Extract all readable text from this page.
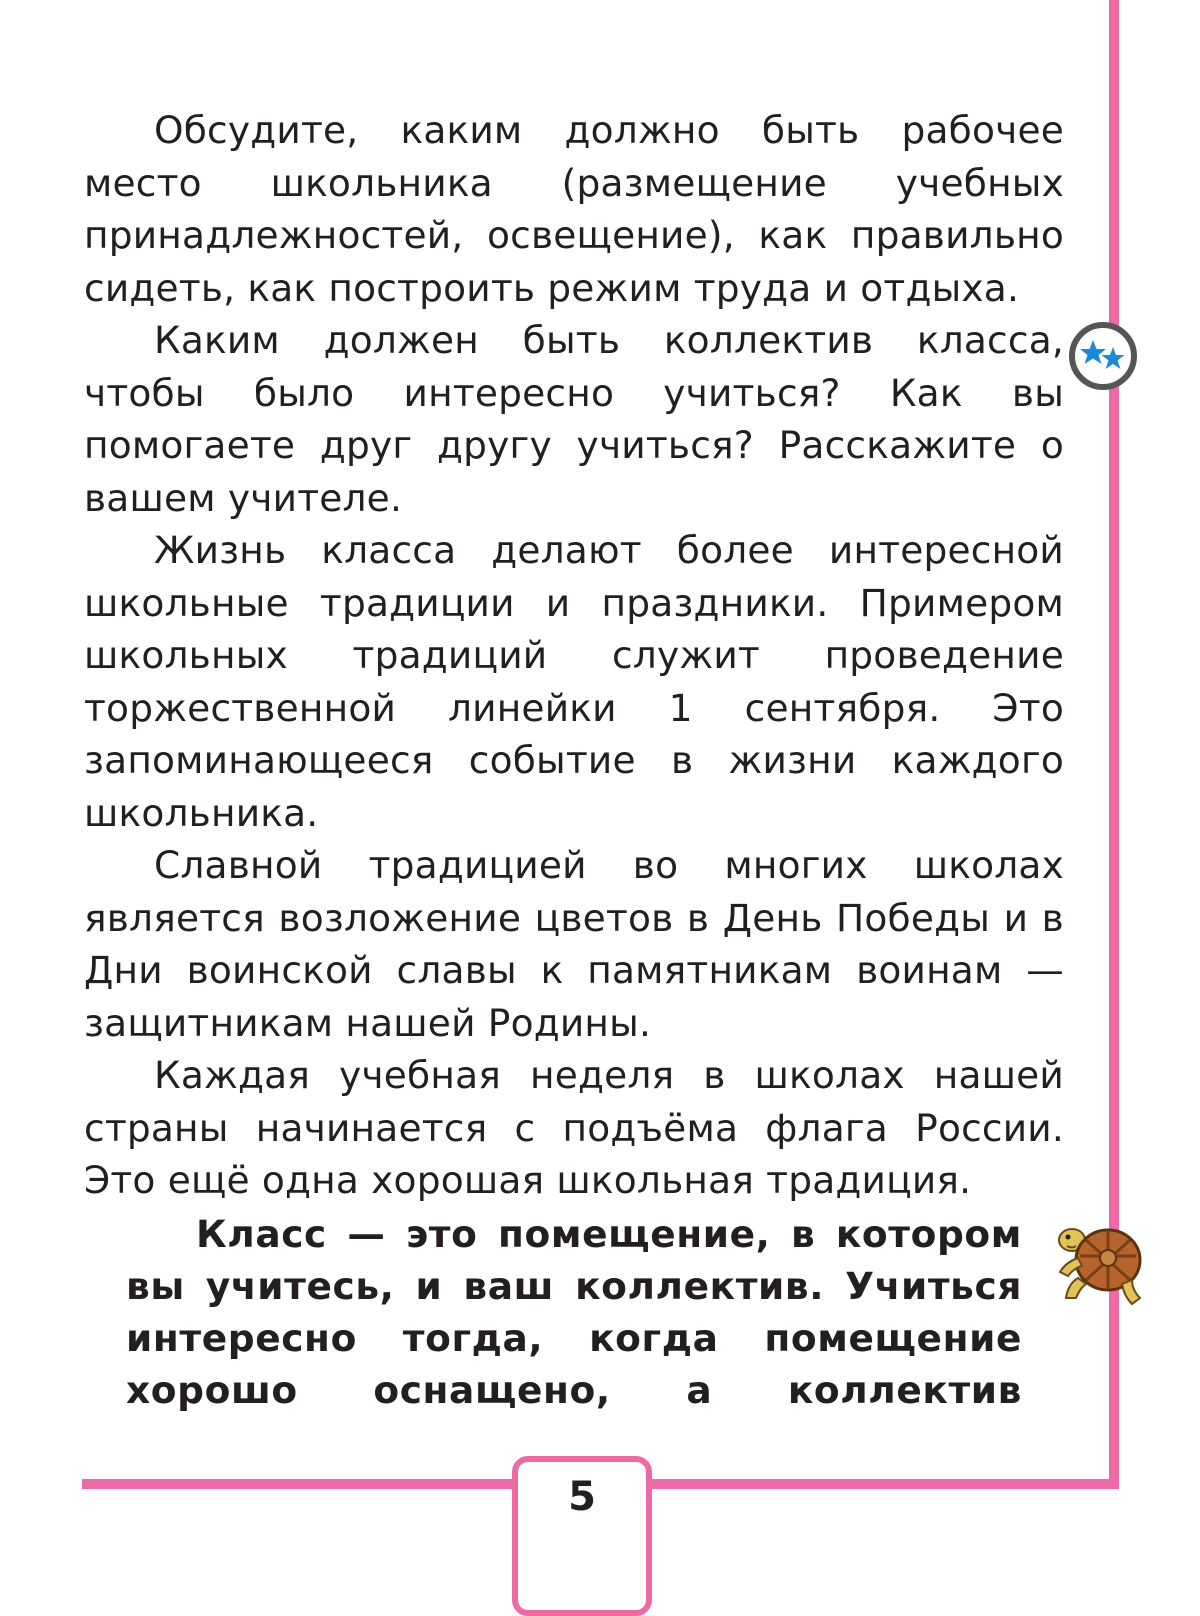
Обсудите, каким должно быть рабочее место школьника (размещение учебных принадлежностей, освещение), как правильно сидеть, как построить режим труда и отдыха.

Каким должен быть коллектив класса, чтобы было интересно учиться? Как вы помогаете друг другу учиться? Расскажите о вашем учителе.

Жизнь класса делают более интересной школьные традиции и праздники. Примером школьных традиций служит проведение торжественной линейки 1 сентября. Это запоминающееся событие в жизни каждого школьника.

Славной традицией во многих школах является возложение цветов в День Победы и в Дни воинской славы к памятникам воинам — защитникам нашей Родины.

Каждая учебная неделя в школах нашей страны начинается с подъёма флага России. Это ещё одна хорошая школьная традиция.

Класс — это помещение, в котором вы учитесь, и ваш коллектив. Учиться интересно тогда, когда помещение хорошо оснащено, а коллектив

5
